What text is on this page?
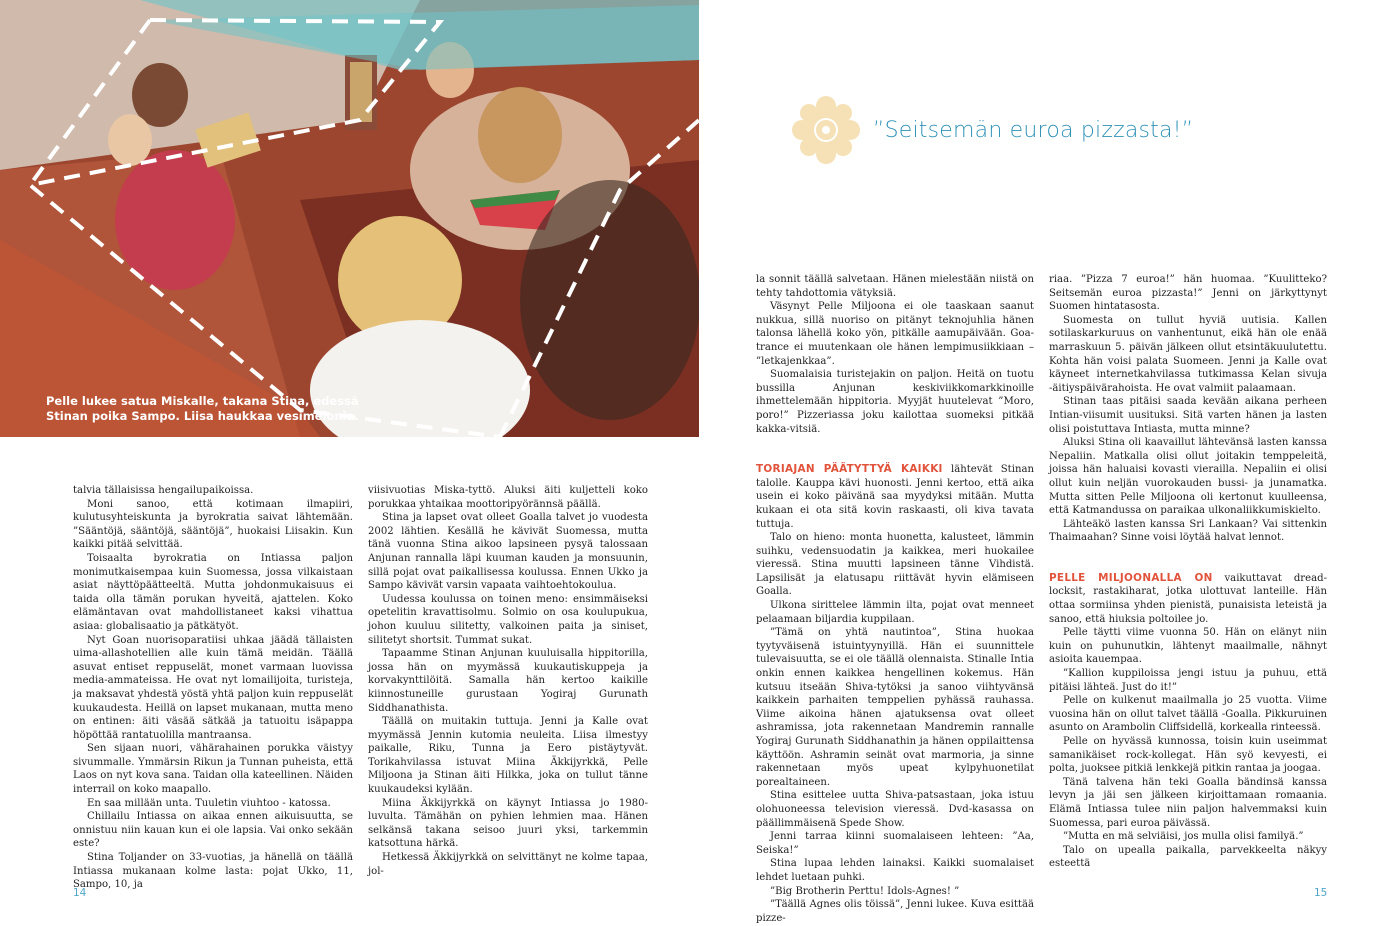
Pelle lukee satua Miskalle, takana Stina, edessä
Stinan poika Sampo. Liisa haukkaa vesimelonia.

talvia tällaisissa hengailupaikoissa.

Moni sanoo, että kotimaan ilmapiiri, kulutusyhteiskunta ja byrokratia saivat lähtemään. ”Sääntöjä, sääntöjä, sääntöjä”, huokaisi Liisakin. Kun kaikki pitää selvittää.

Toisaalta byrokratia on Intiassa paljon monimutkaisempaa kuin Suomessa, jossa vilkaistaan asiat näyttöpäätteeltä. Mutta johdonmukaisuus ei taida olla tämän porukan hyveitä, ajattelen. Koko elämäntavan ovat mahdollistaneet kaksi vihattua asiaa: globalisaatio ja pätkätyöt.

Nyt Goan nuorisoparatiisi uhkaa jäädä tällaisten uima-allashotellien alle kuin tämä meidän. Täällä asuvat entiset reppuselät, monet varmaan luovissa media-ammateissa. He ovat nyt lomailijoita, turisteja, ja maksavat yhdestä yöstä yhtä paljon kuin reppuselät kuukaudesta. Heillä on lapset mukanaan, mutta meno on entinen: äiti väsää sätkää ja tatuoitu isäpappa höpöttää rantatuolilla mantraansa.

Sen sijaan nuori, vähärahainen porukka väistyy sivummalle. Ymmärsin Rikun ja Tunnan puheista, että Laos on nyt kova sana. Taidan olla kateellinen. Näiden interrail on koko maapallo.

En saa millään unta. Tuuletin viuhtoo - katossa.

Chillailu Intiassa on aikaa ennen aikuisuutta, se onnistuu niin kauan kun ei ole lapsia. Vai onko sekään este?

Stina Toljander on 33-vuotias, ja hänellä on täällä Intiassa mukanaan kolme lasta: pojat Ukko, 11, Sampo, 10, ja

viisivuotias Miska-tyttö. Aluksi äiti kuljetteli koko porukkaa yhtaikaa moottoripyörännsä päällä.

Stina ja lapset ovat olleet Goalla talvet jo vuodesta 2002 lähtien. Kesällä he kävivät Suomessa, mutta tänä vuonna Stina aikoo lapsineen pysyä talossaan Anjunan rannalla läpi kuuman kauden ja monsuunin, sillä pojat ovat paikallisessa koulussa. Ennen Ukko ja Sampo kävivät varsin vapaata vaihtoehtokoulua.

Uudessa koulussa on toinen meno: ensimmäiseksi opetelitin kravattisolmu. Solmio on osa koulupukua, johon kuuluu silitetty, valkoinen paita ja siniset, silitetyt shortsit. Tummat sukat.

Tapaamme Stinan Anjunan kuuluisalla hippitorilla, jossa hän on myymässä kuukautiskuppeja ja korvakynttilöitä. Samalla hän kertoo kaikille kiinnostuneille gurustaan Yogiraj Gurunath Siddhanathista.

Täällä on muitakin tuttuja. Jenni ja Kalle ovat myymässä Jennin kutomia neuleita. Liisa ilmestyy paikalle, Riku, Tunna ja Eero pistäytyvät. Torikahvilassa istuvat Miina Äkkijyrkkä, Pelle Miljoona ja Stinan äiti Hilkka, joka on tullut tänne kuukaudeksi kylään.

Miina Äkkijyrkkä on käynyt Intiassa jo 1980-luvulta. Tämähän on pyhien lehmien maa. Hänen selkänsä takana seisoo juuri yksi, tarkemmin katsottuna härkä.

Hetkessä Äkkijyrkkä on selvittänyt ne kolme tapaa, jol-

”Seitsemän euroa pizzasta!”

la sonnit täällä salvetaan. Hänen mielestään niistä on tehty tahdottomia vätyksiä.

Väsynyt Pelle Miljoona ei ole taaskaan saanut nukkua, sillä nuoriso on pitänyt teknojuhlia hänen talonsa lähellä koko yön, pitkälle aamupäivään. Goa-trance ei muutenkaan ole hänen lempimusiikkiaan – ”letkajenkkaa”.

Suomalaisia turistejakin on paljon. Heitä on tuotu bussilla Anjunan keskiviikkomarkkinoille ihmettelemään hippitoria. Myyjät huutelevat ”Moro, poro!” Pizzeriassa joku kailottaa suomeksi pitkää kakka-vitsiä.

TORIAJAN PÄÄTYTTYÄ KAIKKI lähtevät Stinan talolle. Kauppa kävi huonosti. Jenni kertoo, että aika usein ei koko päivänä saa myydyksi mitään. Mutta kukaan ei ota sitä kovin raskaasti, oli kiva tavata tuttuja.

Talo on hieno: monta huonetta, kalusteet, lämmin suihku, vedensuodatin ja kaikkea, meri huokailee vieressä. Stina muutti lapsineen tänne Vihdistä. Lapsilisät ja elatusapu riittävät hyvin elämiseen Goalla.

Ulkona sirittelee lämmin ilta, pojat ovat menneet pelaamaan biljardia kuppilaan.

”Tämä on yhtä nautintoa”, Stina huokaa tyytyväisenä istuintyynyillä. Hän ei suunnittele tulevaisuutta, se ei ole täällä olennaista. Stinalle Intia onkin ennen kaikkea hengellinen kokemus. Hän kutsuu itseään Shiva-tytöksi ja sanoo viihtyvänsä kaikkein parhaiten temppelien pyhässä rauhassa. Viime aikoina hänen ajatuksensa ovat olleet ashramissa, jota rakennetaan Mandremin rannalle Yogiraj Gurunath Siddhanathin ja hänen oppilaittensa käyttöön. Ashramin seinät ovat marmoria, ja sinne rakennetaan myös upeat kylpyhuonetilat porealtaineen.

Stina esittelee uutta Shiva-patsastaan, joka istuu olohuoneessa television vieressä. Dvd-kasassa on päällimmäisenä Spede Show.

Jenni tarraa kiinni suomalaiseen lehteen: ”Aa, Seiska!”

Stina lupaa lehden lainaksi. Kaikki suomalaiset lehdet luetaan puhki.

”Big Brotherin Perttu! Idols-Agnes! ”

”Täällä Agnes olis töissä”, Jenni lukee. Kuva esittää pizze-

riaa. ”Pizza 7 euroa!” hän huomaa. ”Kuulitteko? Seitsemän euroa pizzasta!” Jenni on järkyttynyt Suomen hintatasosta.

Suomesta on tullut hyviä uutisia. Kallen sotilaskarkuruus on vanhentunut, eikä hän ole enää marraskuun 5. päivän jälkeen ollut etsintäkuulutettu. Kohta hän voisi palata Suomeen. Jenni ja Kalle ovat käyneet internetkahvilassa tutkimassa Kelan sivuja -äitiyspäivärahoista. He ovat valmiit palaamaan.

Stinan taas pitäisi saada kevään aikana perheen Intian-viisumit uusituksi. Sitä varten hänen ja lasten olisi poistuttava Intiasta, mutta minne?

Aluksi Stina oli kaavaillut lähtevänsä lasten kanssa Nepaliin. Matkalla olisi ollut joitakin temppeleitä, joissa hän haluaisi kovasti vierailla. Nepaliin ei olisi ollut kuin neljän vuorokauden bussi- ja junamatka. Mutta sitten Pelle Miljoona oli kertonut kuulleensa, että Katmandussa on paraikaa ulkonaliikkumiskielto.

Lähteäkö lasten kanssa Sri Lankaan? Vai sittenkin Thaimaahan? Sinne voisi löytää halvat lennot.

PELLE MILJOONALLA ON vaikuttavat dread-locksit, rastakiharat, jotka ulottuvat lanteille. Hän ottaa sormiinsa yhden pienistä, punaisista leteistä ja sanoo, että hiuksia poltoilee jo.

Pelle täytti viime vuonna 50. Hän on elänyt niin kuin on puhunutkin, lähtenyt maailmalle, nähnyt asioita kauempaa.

”Kallion kuppiloissa jengi istuu ja puhuu, että pitäisi lähteä. Just do it!”

Pelle on kulkenut maailmalla jo 25 vuotta. Viime vuosina hän on ollut talvet täällä -Goalla. Pikkuruinen asunto on Arambolin Cliffsidellä, korkealla rinteessä.

Pelle on hyvässä kunnossa, toisin kuin useimmat samanikäiset rock-kollegat. Hän syö kevyesti, ei polta, juoksee pitkiä lenkkejä pitkin rantaa ja joogaa.

Tänä talvena hän teki Goalla bändinsä kanssa levyn ja jäi sen jälkeen kirjoittamaan romaania. Elämä Intiassa tulee niin paljon halvemmaksi kuin Suomessa, pari euroa päivässä.

”Mutta en mä selviäisi, jos mulla olisi familyä.”

Talo on upealla paikalla, parvekkeelta näkyy esteettä

14	15
